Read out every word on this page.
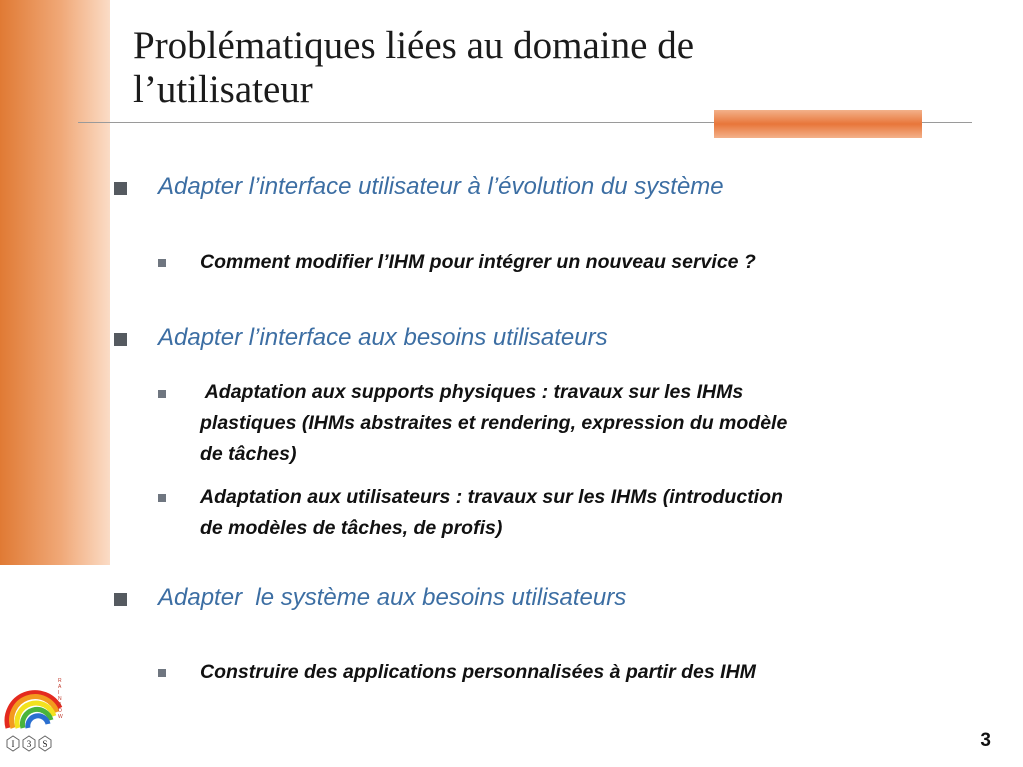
Problématiques liées au domaine de
l’utilisateur
Adapter l’interface utilisateur à l’évolution du système
Comment modifier l’IHM pour intégrer un nouveau service ?
Adapter l’interface aux besoins utilisateurs
Adaptation aux supports physiques : travaux sur les IHMs
plastiques (IHMs abstraites et rendering, expression du modèle
de tâches)
Adaptation aux utilisateurs : travaux sur les IHMs (introduction
de modèles de tâches, de profis)
Adapter  le système aux besoins utilisateurs
Construire des applications personnalisées à partir des IHM
R A I N B O W
I 3 S	3
